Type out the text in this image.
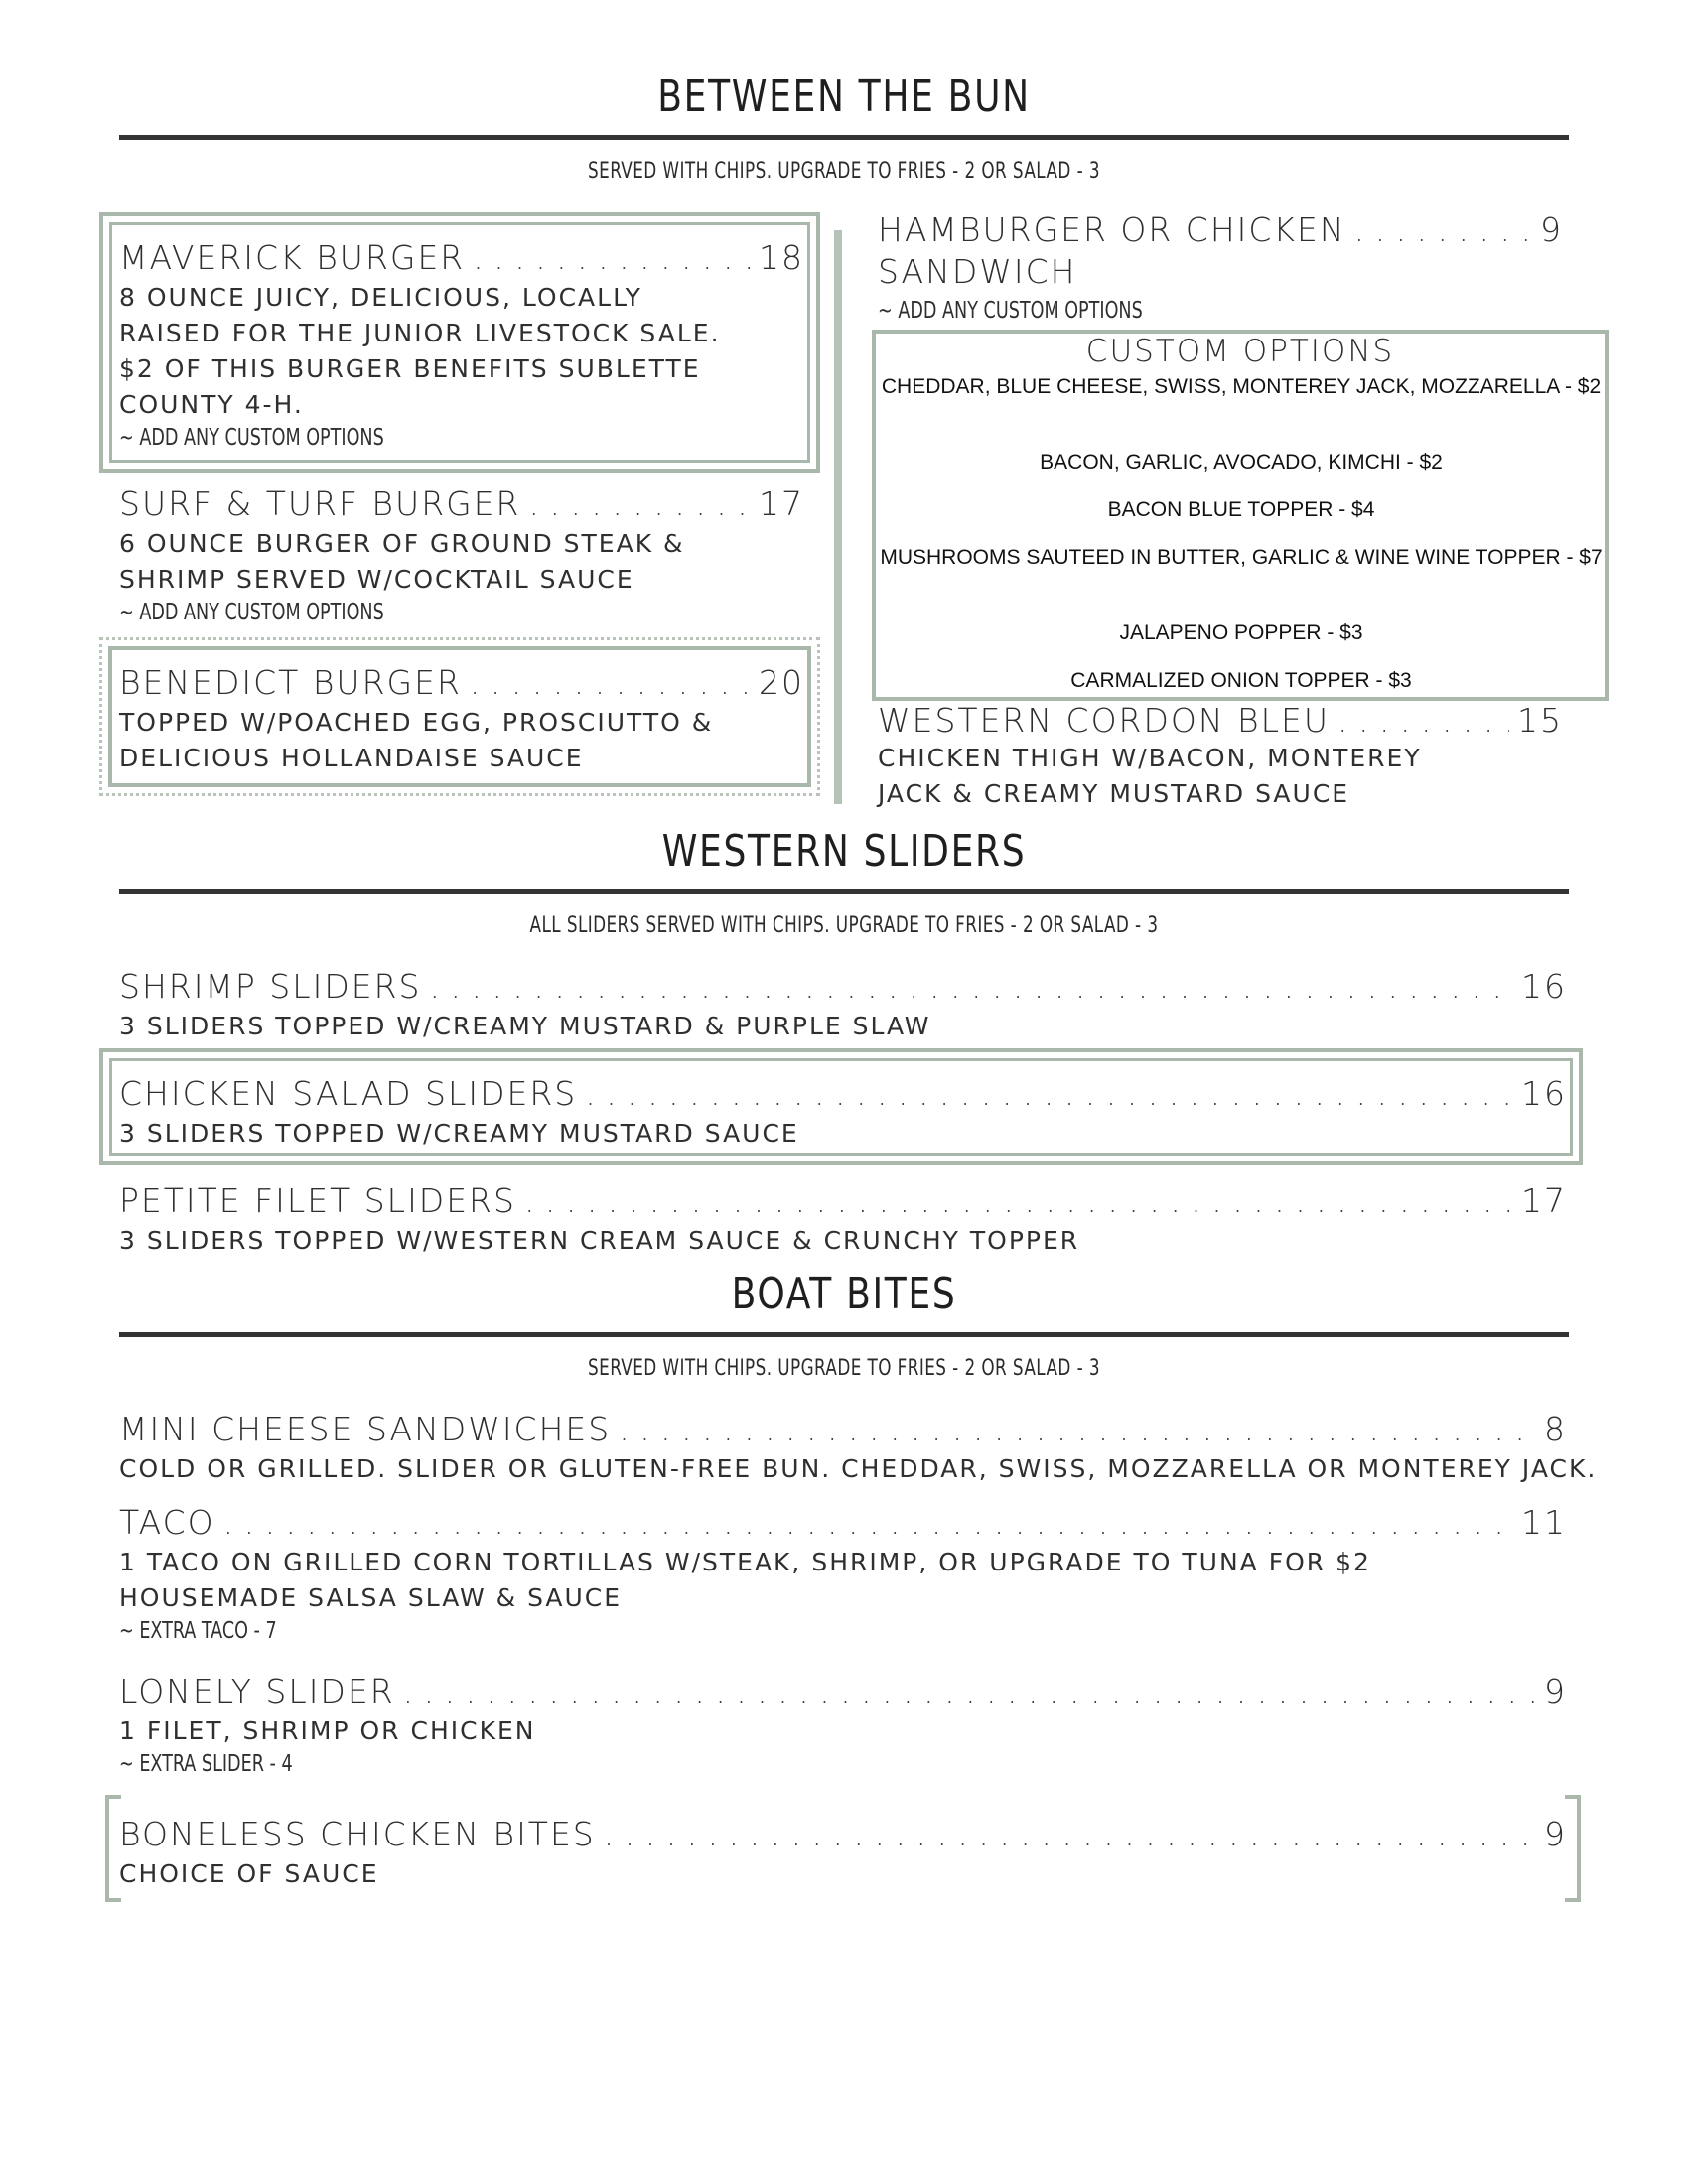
BETWEEN THE BUN
SERVED WITH CHIPS. UPGRADE TO FRIES - 2 OR SALAD - 3
MAVERICK BURGER . . .	18
8 OUNCE JUICY, DELICIOUS, LOCALLY
RAISED FOR THE JUNIOR LIVESTOCK SALE.
$2 OF THIS BURGER BENEFITS SUBLETTE
COUNTY 4-H.
~ ADD ANY CUSTOM OPTIONS
SURF & TURF BURGER . . .	17
6 OUNCE BURGER OF GROUND STEAK &
SHRIMP SERVED W/COCKTAIL SAUCE
~ ADD ANY CUSTOM OPTIONS
BENEDICT BURGER . . .	20
TOPPED W/POACHED EGG, PROSCIUTTO &
DELICIOUS HOLLANDAISE SAUCE
HAMBURGER OR CHICKEN . . .	9
SANDWICH
~ ADD ANY CUSTOM OPTIONS
CUSTOM OPTIONS
CHEDDAR, BLUE CHEESE, SWISS, MONTEREY JACK, MOZZARELLA - $2
BACON, GARLIC, AVOCADO, KIMCHI - $2
BACON BLUE TOPPER - $4
MUSHROOMS SAUTEED IN BUTTER, GARLIC & WINE WINE TOPPER - $7
JALAPENO POPPER - $3
CARMALIZED ONION TOPPER - $3
WESTERN CORDON BLEU . . .	15
CHICKEN THIGH W/BACON, MONTEREY
JACK & CREAMY MUSTARD SAUCE
WESTERN SLIDERS
ALL SLIDERS SERVED WITH CHIPS. UPGRADE TO FRIES - 2 OR SALAD - 3
SHRIMP SLIDERS . . .	16
3 SLIDERS TOPPED W/CREAMY MUSTARD & PURPLE SLAW
CHICKEN SALAD SLIDERS . . .	16
3 SLIDERS TOPPED W/CREAMY MUSTARD SAUCE
PETITE FILET SLIDERS . . .	17
3 SLIDERS TOPPED W/WESTERN CREAM SAUCE & CRUNCHY TOPPER
BOAT BITES
SERVED WITH CHIPS. UPGRADE TO FRIES - 2 OR SALAD - 3
MINI CHEESE SANDWICHES . . .	8
COLD OR GRILLED. SLIDER OR GLUTEN-FREE BUN. CHEDDAR, SWISS, MOZZARELLA OR MONTEREY JACK.
TACO . . .	11
1 TACO ON GRILLED CORN TORTILLAS W/STEAK, SHRIMP, OR UPGRADE TO TUNA FOR $2
HOUSEMADE SALSA SLAW & SAUCE
~ EXTRA TACO - 7
LONELY SLIDER . . .	9
1 FILET, SHRIMP OR CHICKEN
~ EXTRA SLIDER - 4
BONELESS CHICKEN BITES . . .	9
CHOICE OF SAUCE
